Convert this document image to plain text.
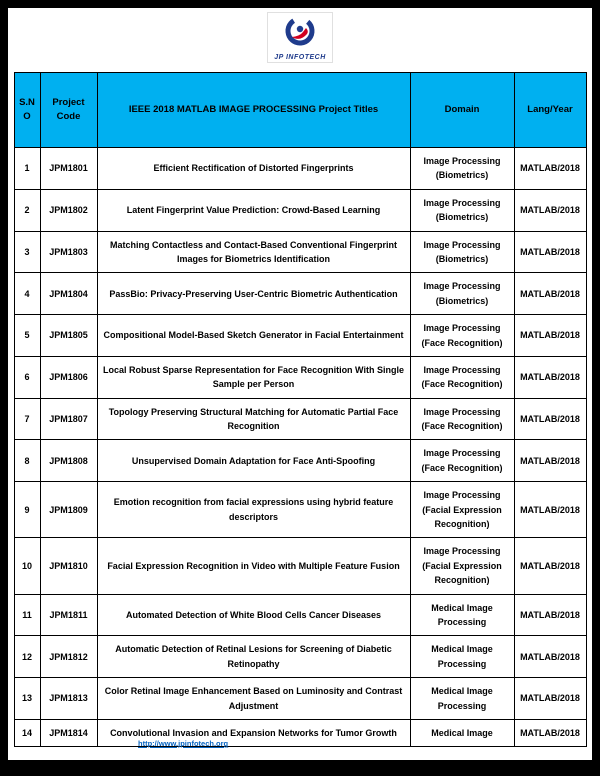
JP INFOTECH
S.N O	Project Code	IEEE 2018 MATLAB IMAGE PROCESSING Project Titles	Domain	Lang/Year
1	JPM1801	Efficient Rectification of Distorted Fingerprints	Image Processing (Biometrics)	MATLAB/2018
2	JPM1802	Latent Fingerprint Value Prediction: Crowd-Based Learning	Image Processing (Biometrics)	MATLAB/2018
3	JPM1803	Matching Contactless and Contact-Based Conventional Fingerprint Images for Biometrics Identification	Image Processing (Biometrics)	MATLAB/2018
4	JPM1804	PassBio: Privacy-Preserving User-Centric Biometric Authentication	Image Processing (Biometrics)	MATLAB/2018
5	JPM1805	Compositional Model-Based Sketch Generator in Facial Entertainment	Image Processing (Face Recognition)	MATLAB/2018
6	JPM1806	Local Robust Sparse Representation for Face Recognition With Single Sample per Person	Image Processing (Face Recognition)	MATLAB/2018
7	JPM1807	Topology Preserving Structural Matching for Automatic Partial Face Recognition	Image Processing (Face Recognition)	MATLAB/2018
8	JPM1808	Unsupervised Domain Adaptation for Face Anti-Spoofing	Image Processing (Face Recognition)	MATLAB/2018
9	JPM1809	Emotion recognition from facial expressions using hybrid feature descriptors	Image Processing (Facial Expression Recognition)	MATLAB/2018
10	JPM1810	Facial Expression Recognition in Video with Multiple Feature Fusion	Image Processing (Facial Expression Recognition)	MATLAB/2018
11	JPM1811	Automated Detection of White Blood Cells Cancer Diseases	Medical Image Processing	MATLAB/2018
12	JPM1812	Automatic Detection of Retinal Lesions for Screening of Diabetic Retinopathy	Medical Image Processing	MATLAB/2018
13	JPM1813	Color Retinal Image Enhancement Based on Luminosity and Contrast Adjustment	Medical Image Processing	MATLAB/2018
14	JPM1814	Convolutional Invasion and Expansion Networks for Tumor Growth	Medical Image	MATLAB/2018
http://www.jpinfotech.org
